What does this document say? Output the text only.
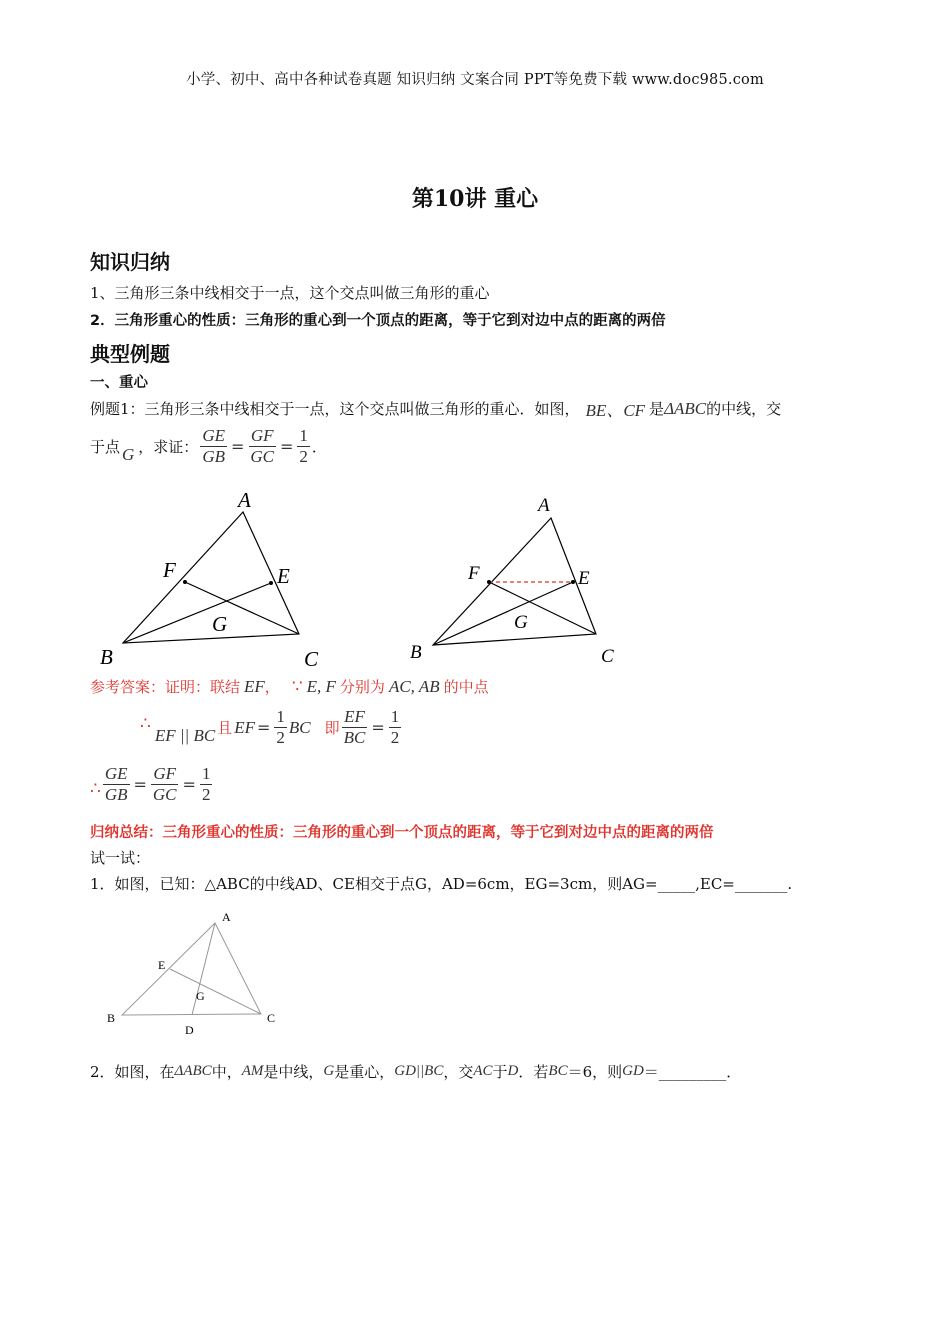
小学、初中、高中各种试卷真题 知识归纳 文案合同 PPT等免费下载 www.doc985.com
第10讲 重心
知识归纳
1、三角形三条中线相交于一点，这个交点叫做三角形的重心
2．三角形重心的性质：三角形的重心到一个顶点的距离，等于它到对边中点的距离的两倍
典型例题
一、重心
例题1：三角形三条中线相交于一点，这个交点叫做三角形的重心．如图， BE、CF 是 ΔABC 的中线，交
于点 G ，求证： $\frac{GE}{GB} = \frac{GF}{GC} = \frac{1}{2}$ ．
A
F	E
G
B	C
A
F	E
G
B	C
参考答案：证明：联结 EF ， ∵ E, F 分别为 AC, AB 的中点
∴
EF || BC 且 EF = $\frac{1}{2}$ BC 即 $\frac{EF}{BC} = \frac{1}{2}$
∴ $\frac{GE}{GB} = \frac{GF}{GC} = \frac{1}{2}$
归纳总结：三角形重心的性质：三角形的重心到一个顶点的距离，等于它到对边中点的距离的两倍
试一试：
1．如图，已知：△ABC的中线AD、CE相交于点G，AD=6cm，EG=3cm，则AG=_____,EC=_______.
A
E
G
B	C
D
2．如图，在 ΔABC 中， AM 是中线， G 是重心， GD||BC ，交 AC 于 D ．若 BC ＝6，则 GD ＝_________．
